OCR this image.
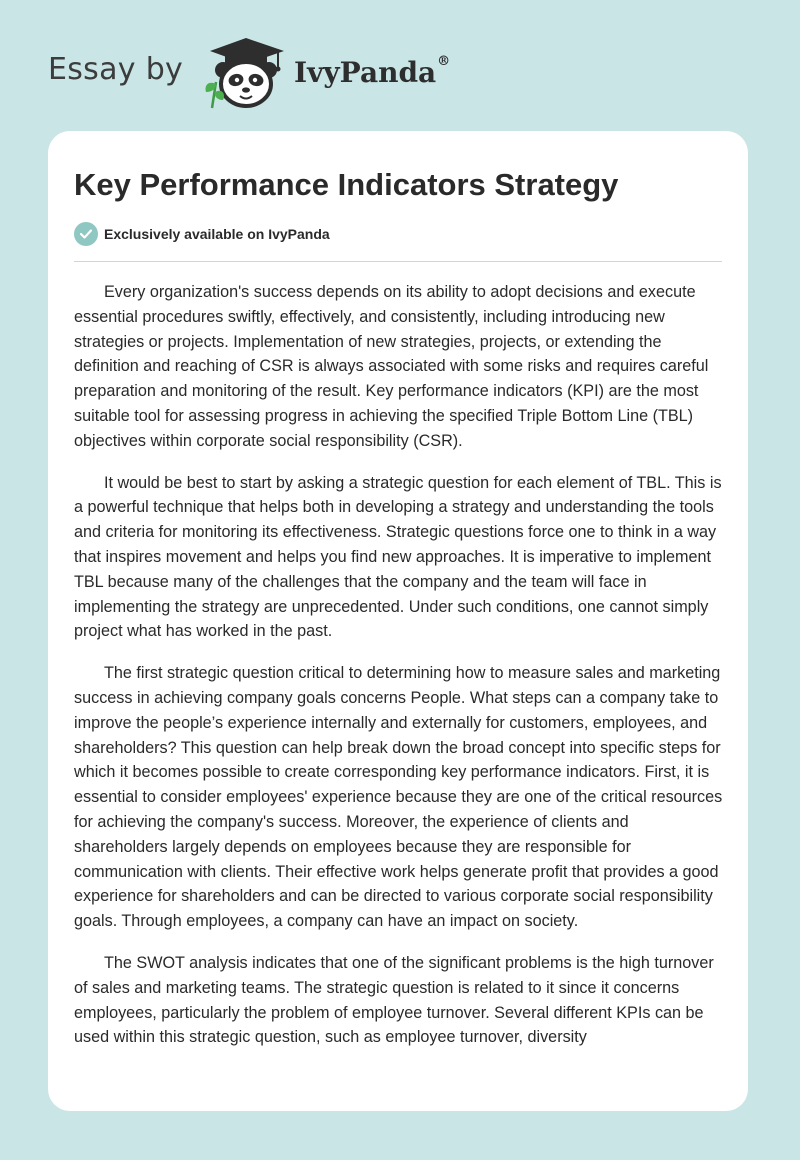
Essay by	IvyPanda®
Key Performance Indicators Strategy
Exclusively available on IvyPanda

Every organization's success depends on its ability to adopt decisions and execute essential procedures swiftly, effectively, and consistently, including introducing new strategies or projects. Implementation of new strategies, projects, or extending the definition and reaching of CSR is always associated with some risks and requires careful preparation and monitoring of the result. Key performance indicators (KPI) are the most suitable tool for assessing progress in achieving the specified Triple Bottom Line (TBL) objectives within corporate social responsibility (CSR).

It would be best to start by asking a strategic question for each element of TBL. This is a powerful technique that helps both in developing a strategy and understanding the tools and criteria for monitoring its effectiveness. Strategic questions force one to think in a way that inspires movement and helps you find new approaches. It is imperative to implement TBL because many of the challenges that the company and the team will face in implementing the strategy are unprecedented. Under such conditions, one cannot simply project what has worked in the past.

The first strategic question critical to determining how to measure sales and marketing success in achieving company goals concerns People. What steps can a company take to improve the people’s experience internally and externally for customers, employees, and shareholders? This question can help break down the broad concept into specific steps for which it becomes possible to create corresponding key performance indicators. First, it is essential to consider employees' experience because they are one of the critical resources for achieving the company's success. Moreover, the experience of clients and shareholders largely depends on employees because they are responsible for communication with clients. Their effective work helps generate profit that provides a good experience for shareholders and can be directed to various corporate social responsibility goals. Through employees, a company can have an impact on society.

The SWOT analysis indicates that one of the significant problems is the high turnover of sales and marketing teams. The strategic question is related to it since it concerns employees, particularly the problem of employee turnover. Several different KPIs can be used within this strategic question, such as employee turnover, diversity
